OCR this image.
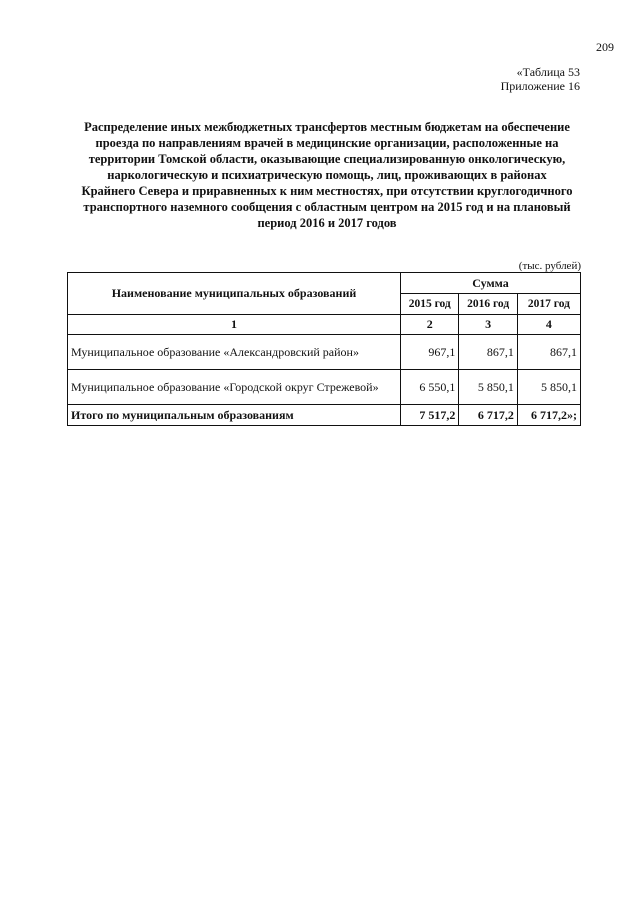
209
«Таблица 53
Приложение 16
Распределение иных межбюджетных трансфертов местным бюджетам на обеспечение проезда по направлениям врачей в медицинские организации, расположенные на территории Томской области, оказывающие специализированную онкологическую, наркологическую и психиатрическую помощь, лиц, проживающих в районах Крайнего Севера и приравненных к ним местностях, при отсутствии круглогодичного транспортного наземного сообщения с областным центром на 2015 год и на плановый период 2016 и 2017 годов
(тыс. рублей)
Наименование муниципальных образований	Сумма		
	2015 год	2016 год	2017 год
1	2	3	4
Муниципальное образование «Александровский район»	967,1	867,1	867,1
Муниципальное образование «Городской округ Стрежевой»	6 550,1	5 850,1	5 850,1
Итого по муниципальным образованиям	7 517,2	6 717,2	6 717,2»;
